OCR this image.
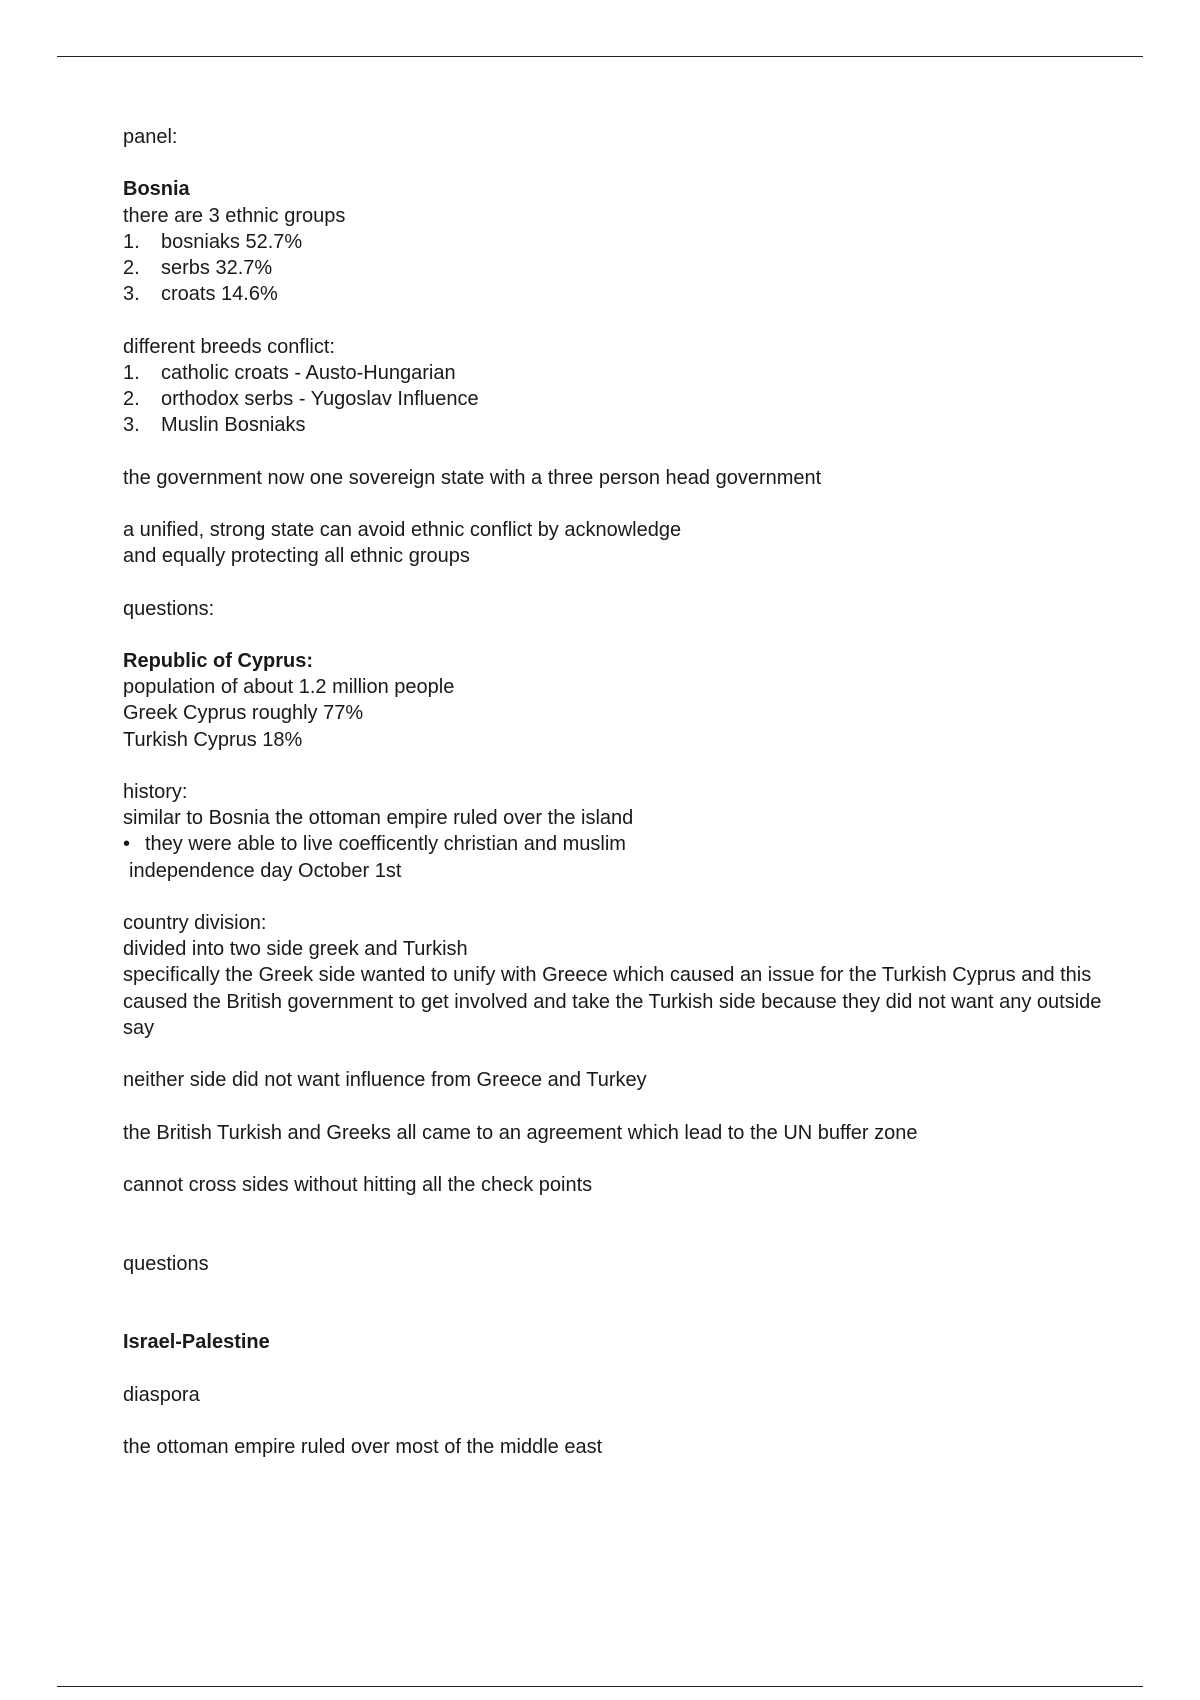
panel:
Bosnia
there are 3 ethnic groups
1. bosniaks 52.7%
2. serbs 32.7%
3. croats 14.6%
different breeds conflict:
1. catholic croats - Austo-Hungarian
2. orthodox serbs - Yugoslav Influence
3. Muslin Bosniaks
the government now one sovereign state with a three person head government
a unified, strong state can avoid ethnic conflict by acknowledge
and equally protecting all ethnic groups
questions:
Republic of Cyprus:
population of about 1.2 million people
Greek Cyprus roughly 77%
Turkish Cyprus 18%
history:
similar to Bosnia the ottoman empire ruled over the island
• they were able to live coefficently christian and muslim
independence day October 1st
country division:
divided into two side greek and Turkish
specifically the Greek side wanted to unify with Greece which caused an issue for the Turkish Cyprus and this caused the British government to get involved and take the Turkish side because they did not want any outside say
neither side did not want influence from Greece and Turkey
the British Turkish and Greeks all came to an agreement which lead to the UN buffer zone
cannot cross sides without hitting all the check points
questions
Israel-Palestine
diaspora
the ottoman empire ruled over most of the middle east
